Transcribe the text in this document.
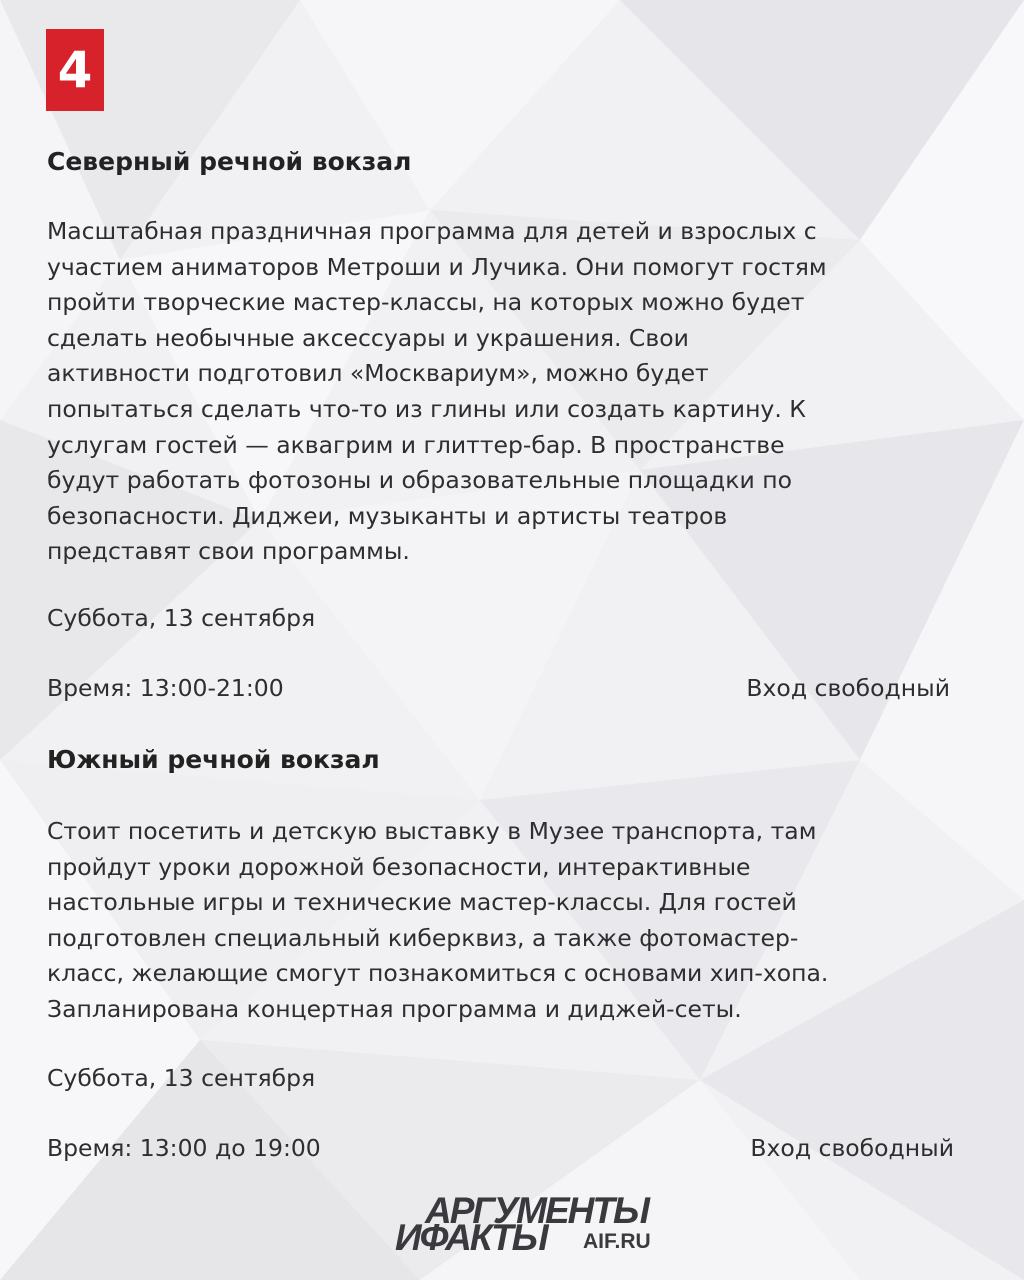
4
Северный речной вокзал
Масштабная праздничная программа для детей и взрослых с
участием аниматоров Метроши и Лучика. Они помогут гостям
пройти творческие мастер-классы, на которых можно будет
сделать необычные аксессуары и украшения. Свои
активности подготовил «Москвариум», можно будет
попытаться сделать что-то из глины или создать картину. К
услугам гостей — аквагрим и глиттер-бар. В пространстве
будут работать фотозоны и образовательные площадки по
безопасности. Диджеи, музыканты и артисты театров
представят свои программы.
Суббота, 13 сентября
Время: 13:00-21:00	Вход свободный
Южный речной вокзал
Стоит посетить и детскую выставку в Музее транспорта, там
пройдут уроки дорожной безопасности, интерактивные
настольные игры и технические мастер-классы. Для гостей
подготовлен специальный киберквиз, а также фотомастер-
класс, желающие смогут познакомиться с основами хип-хопа.
Запланирована концертная программа и диджей-сеты.
Суббота, 13 сентября
Время: 13:00 до 19:00	Вход свободный
АРГУМЕНТЫ
ИФАКТЫ AIF.RU
